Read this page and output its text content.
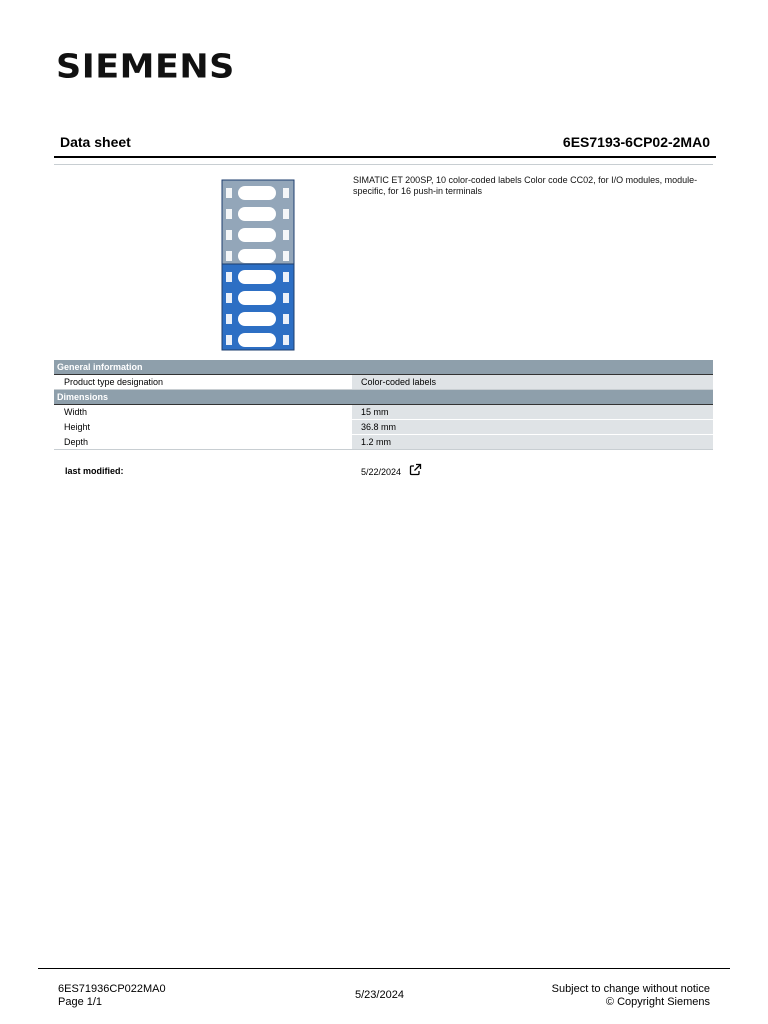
SIEMENS
Data sheet	6ES7193-6CP02-2MA0
SIMATIC ET 200SP, 10 color-coded labels Color code CC02, for I/O modules, module-specific, for 16 push-in terminals
General information
Product type designation	Color-coded labels
Dimensions
Width	15 mm
Height	36.8 mm
Depth	1.2 mm
last modified:	5/22/2024
6ES71936CP022MA0
Page 1/1
5/23/2024	Subject to change without notice
© Copyright Siemens
